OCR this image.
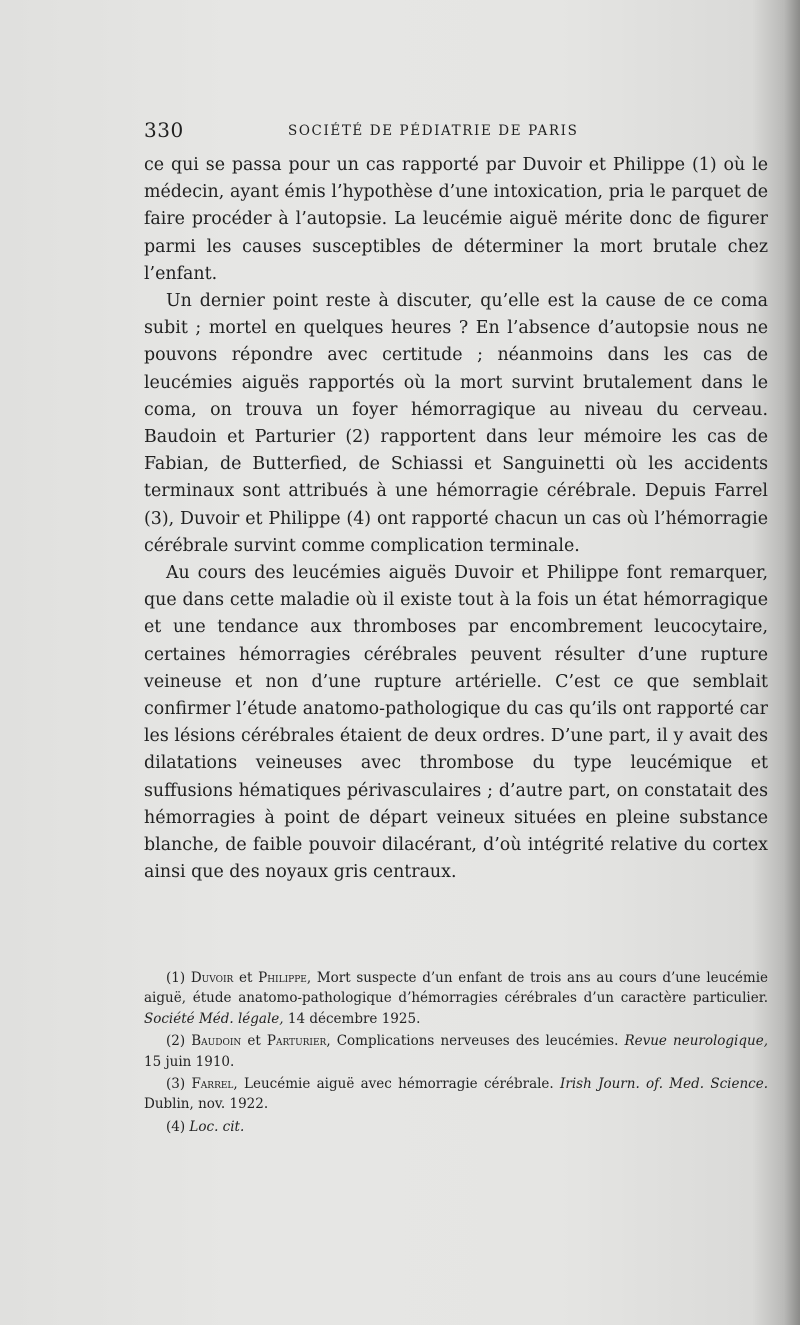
330	SOCIÉTÉ DE PÉDIATRIE DE PARIS

ce qui se passa pour un cas rapporté par Duvoir et Philippe (1) où le médecin, ayant émis l’hypothèse d’une intoxication, pria le parquet de faire procéder à l’autopsie. La leucémie aiguë mérite donc de figurer parmi les causes susceptibles de déterminer la mort brutale chez l’enfant.

Un dernier point reste à discuter, qu’elle est la cause de ce coma subit ; mortel en quelques heures ? En l’absence d’autopsie nous ne pouvons répondre avec certitude ; néanmoins dans les cas de leucémies aiguës rapportés où la mort survint brutalement dans le coma, on trouva un foyer hémorragique au niveau du cerveau. Baudoin et Parturier (2) rapportent dans leur mémoire les cas de Fabian, de Butterfied, de Schiassi et Sanguinetti où les accidents terminaux sont attribués à une hémorragie cérébrale. Depuis Farrel (3), Duvoir et Philippe (4) ont rapporté chacun un cas où l’hémorragie cérébrale survint comme complication terminale.

Au cours des leucémies aiguës Duvoir et Philippe font remarquer, que dans cette maladie où il existe tout à la fois un état hémorragique et une tendance aux thromboses par encombrement leucocytaire, certaines hémorragies cérébrales peuvent résulter d’une rupture veineuse et non d’une rupture artérielle. C’est ce que semblait confirmer l’étude anatomo-pathologique du cas qu’ils ont rapporté car les lésions cérébrales étaient de deux ordres. D’une part, il y avait des dilatations veineuses avec thrombose du type leucémique et suffusions hématiques périvasculaires ; d’autre part, on constatait des hémorragies à point de départ veineux situées en pleine substance blanche, de faible pouvoir dilacérant, d’où intégrité relative du cortex ainsi que des noyaux gris centraux.

(1) Duvoir et Philippe, Mort suspecte d’un enfant de trois ans au cours d’une leucémie aiguë, étude anatomo-pathologique d’hémorragies cérébrales d’un caractère particulier. Société Méd. légale, 14 décembre 1925.

(2) Baudoin et Parturier, Complications nerveuses des leucémies. Revue neurologique, 15 juin 1910.

(3) Farrel, Leucémie aiguë avec hémorragie cérébrale. Irish Journ. of. Med. Science. Dublin, nov. 1922.

(4) Loc. cit.
